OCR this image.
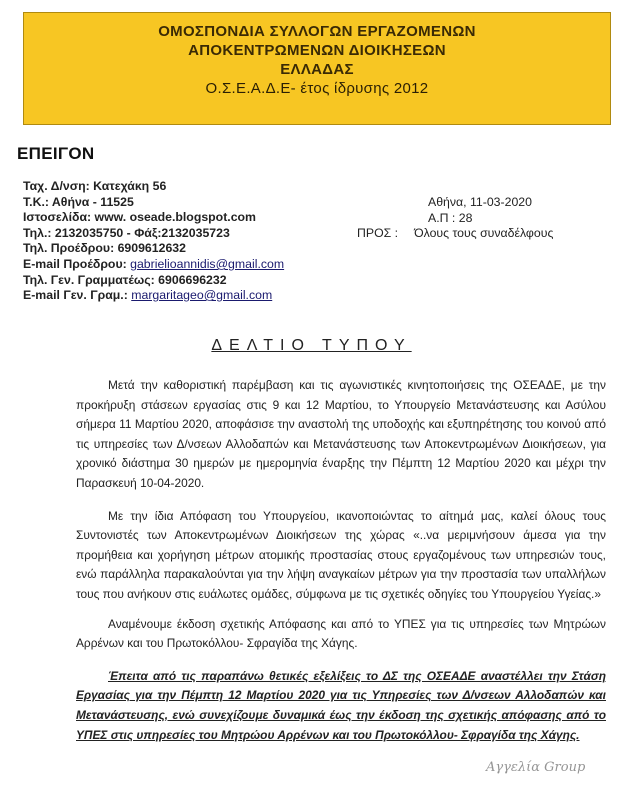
ΟΜΟΣΠΟΝΔΙΑ ΣΥΛΛΟΓΩΝ ΕΡΓΑΖΟΜΕΝΩΝ
ΑΠΟΚΕΝΤΡΩΜΕΝΩΝ ΔΙΟΙΚΗΣΕΩΝ
ΕΛΛΑΔΑΣ
Ο.Σ.Ε.Α.Δ.Ε- έτος ίδρυσης 2012
ΕΠΕΙΓΟΝ
Ταχ. Δ/νση: Κατεχάκη 56
Τ.Κ.: Αθήνα - 11525
Ιστοσελίδα: www. oseade.blogspot.com
Τηλ.: 2132035750 - Φάξ:2132035723
Τηλ. Προέδρου: 6909612632
E-mail Προέδρου: gabrielioannidis@gmail.com
Τηλ. Γεν. Γραμματέως: 6906696232
E-mail Γεν. Γραμ.: margaritageo@gmail.com
Αθήνα, 11-03-2020
Α.Π : 28
ΠΡΟΣ : Όλους τους συναδέλφους
ΔΕΛΤΙΟ ΤΥΠΟΥ

Μετά την καθοριστική παρέμβαση και τις αγωνιστικές κινητοποιήσεις της ΟΣΕΑΔΕ, με την προκήρυξη στάσεων εργασίας στις 9 και 12 Μαρτίου, το Υπουργείο Μετανάστευσης και Ασύλου σήμερα 11 Μαρτίου 2020, αποφάσισε την αναστολή της υποδοχής και εξυπηρέτησης του κοινού από τις υπηρεσίες των Δ/νσεων Αλλοδαπών και Μετανάστευσης των Αποκεντρωμένων Διοικήσεων, για χρονικό διάστημα 30 ημερών με ημερομηνία έναρξης την Πέμπτη 12 Μαρτίου 2020 και μέχρι την Παρασκευή 10-04-2020.

Με την ίδια Απόφαση του Υπουργείου, ικανοποιώντας το αίτημά μας, καλεί όλους τους Συντονιστές των Αποκεντρωμένων Διοικήσεων της χώρας «..να μεριμνήσουν άμεσα για την προμήθεια και χορήγηση μέτρων ατομικής προστασίας στους εργαζομένους των υπηρεσιών τους, ενώ παράλληλα παρακαλούνται για την λήψη αναγκαίων μέτρων για την προστασία των υπαλλήλων τους που ανήκουν στις ευάλωτες ομάδες, σύμφωνα με τις σχετικές οδηγίες του Υπουργείου Υγείας.»

Αναμένουμε έκδοση σχετικής Απόφασης και από το ΥΠΕΣ για τις υπηρεσίες των Μητρώων Αρρένων και του Πρωτοκόλλου- Σφραγίδα της Χάγης.

Έπειτα από τις παραπάνω θετικές εξελίξεις το ΔΣ της ΟΣΕΑΔΕ αναστέλλει την Στάση Εργασίας για την Πέμπτη 12 Μαρτίου 2020 για τις Υπηρεσίες των Δ/νσεων Αλλοδαπών και Μετανάστευσης, ενώ συνεχίζουμε δυναμικά έως την έκδοση της σχετικής απόφασης από το ΥΠΕΣ στις υπηρεσίες του Μητρώου Αρρένων και του Πρωτοκόλλου- Σφραγίδα της Χάγης.

Αγγελία Group
